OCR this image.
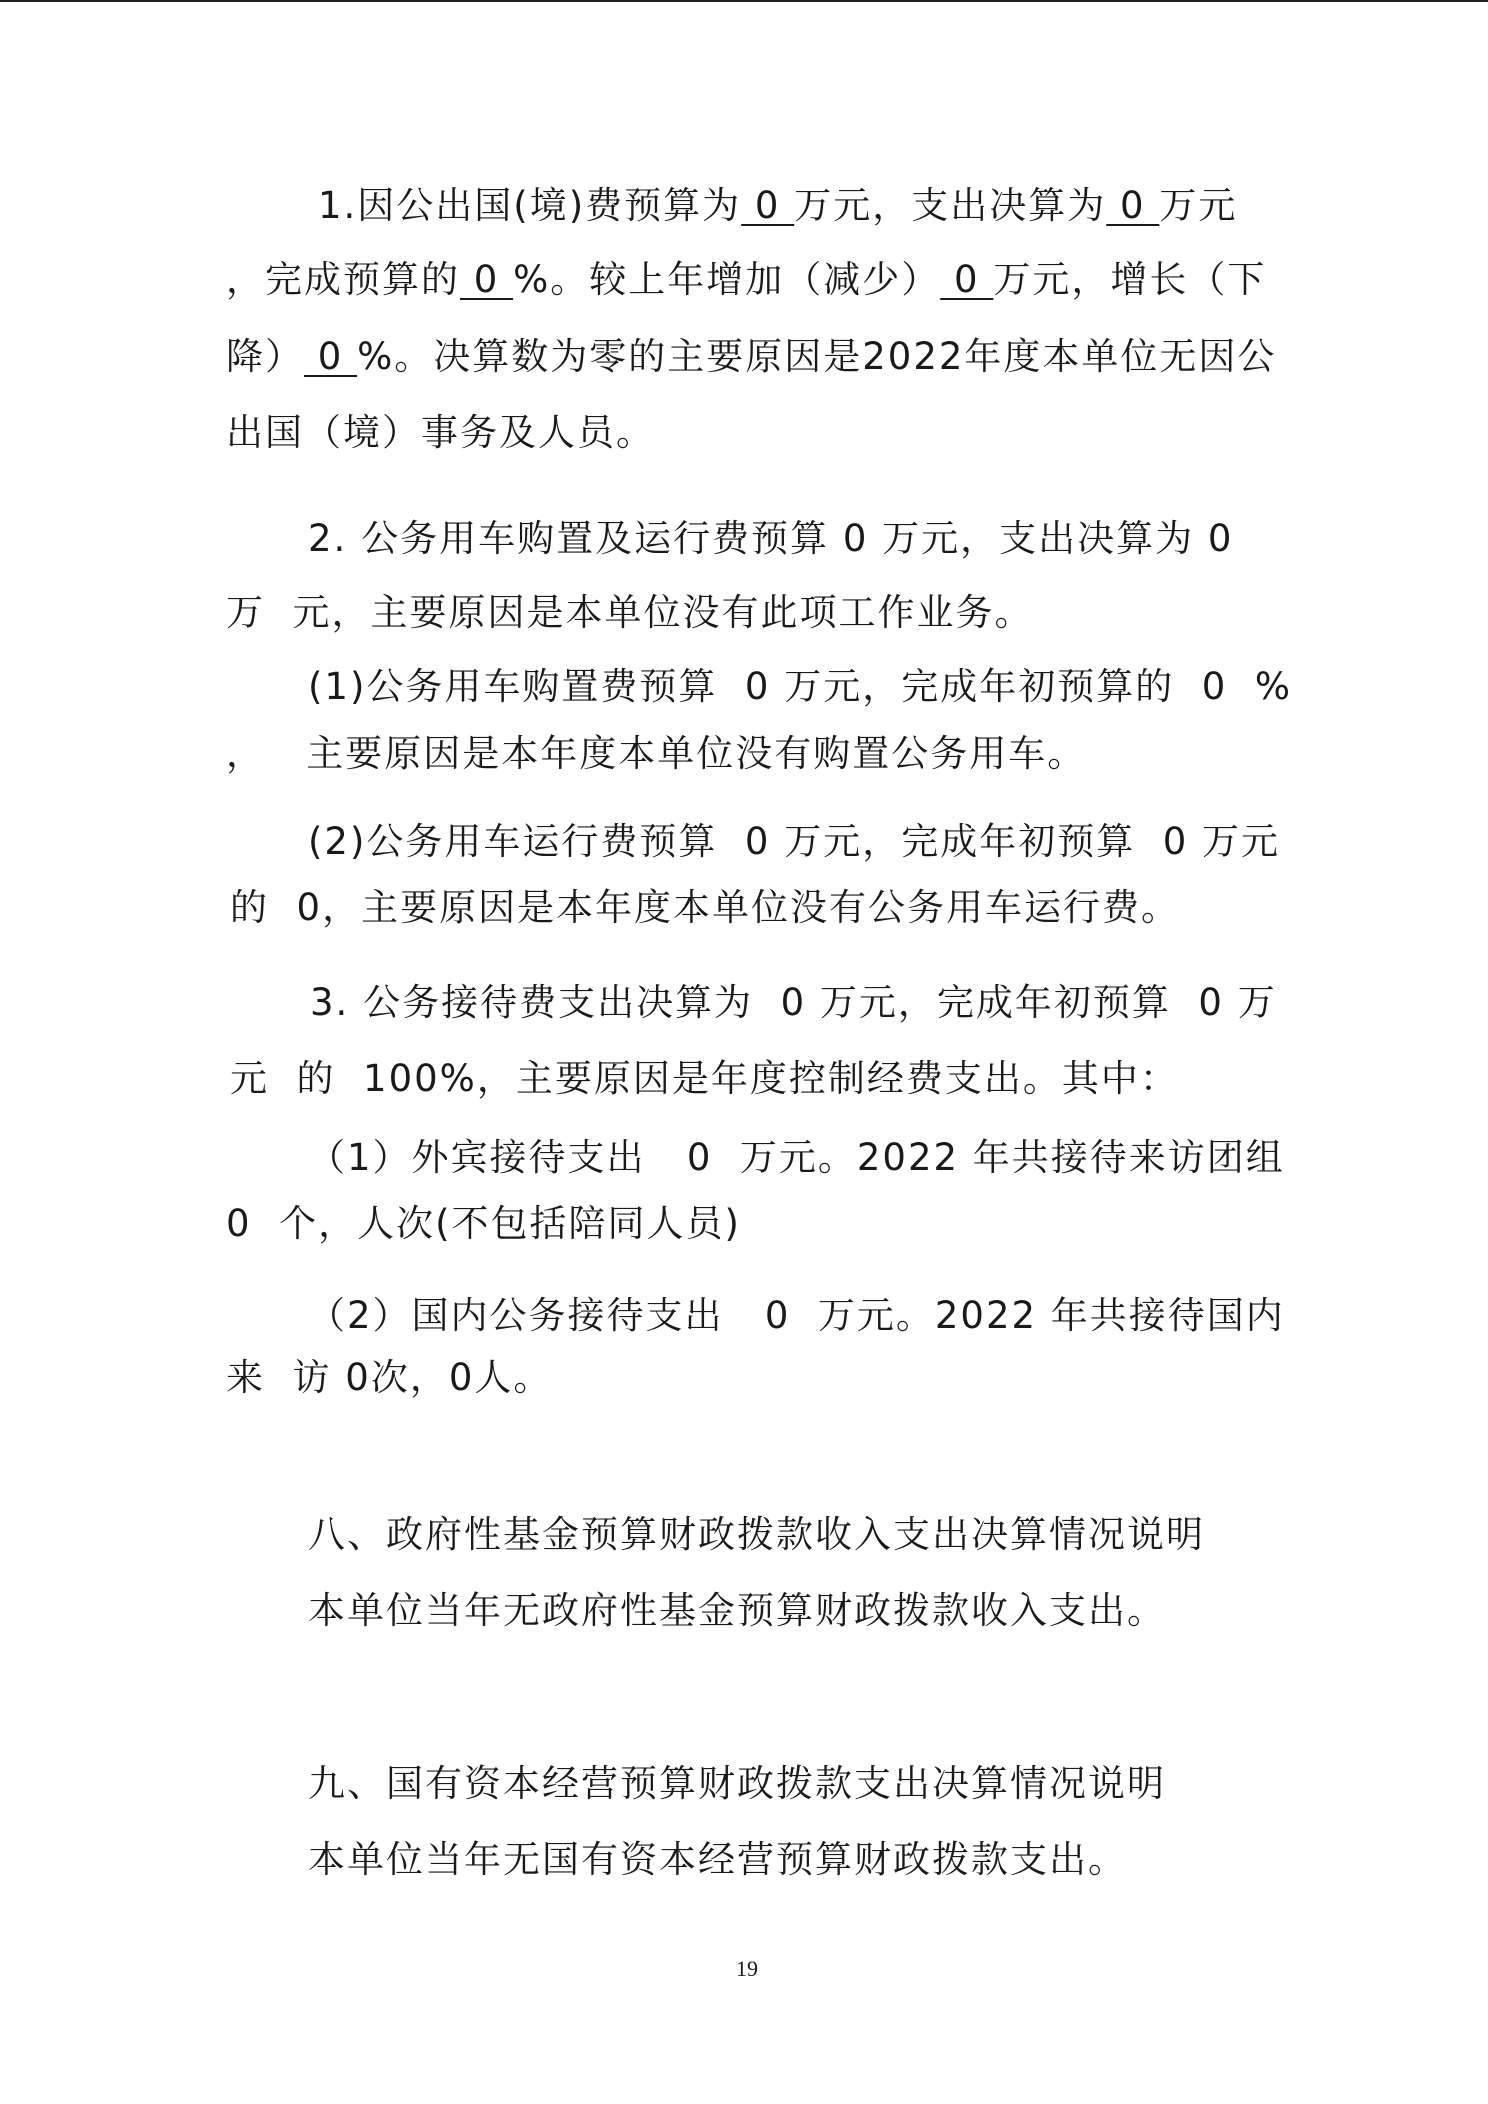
1.因公出国(境)费预算为 0 万元，支出决算为 0 万元
，完成预算的 0 %。较上年增加（减少） 0 万元，增长（下
降） 0 %。决算数为零的主要原因是2022年度本单位无因公
出国（境）事务及人员。
2. 公务用车购置及运行费预算 0 万元，支出决算为 0
万  元，主要原因是本单位没有此项工作业务。
(1)公务用车购置费预算  0 万元，完成年初预算的  0  %
，   主要原因是本年度本单位没有购置公务用车。
(2)公务用车运行费预算  0 万元，完成年初预算  0 万元
的  0，主要原因是本年度本单位没有公务用车运行费。
3. 公务接待费支出决算为  0 万元，完成年初预算  0 万
元  的  100%，主要原因是年度控制经费支出。其中：
（1）外宾接待支出   0  万元。2022 年共接待来访团组
0  个，人次(不包括陪同人员)
（2）国内公务接待支出   0  万元。2022 年共接待国内
来  访 0次，0人。
八、政府性基金预算财政拨款收入支出决算情况说明
本单位当年无政府性基金预算财政拨款收入支出。
九、国有资本经营预算财政拨款支出决算情况说明
本单位当年无国有资本经营预算财政拨款支出。
19
